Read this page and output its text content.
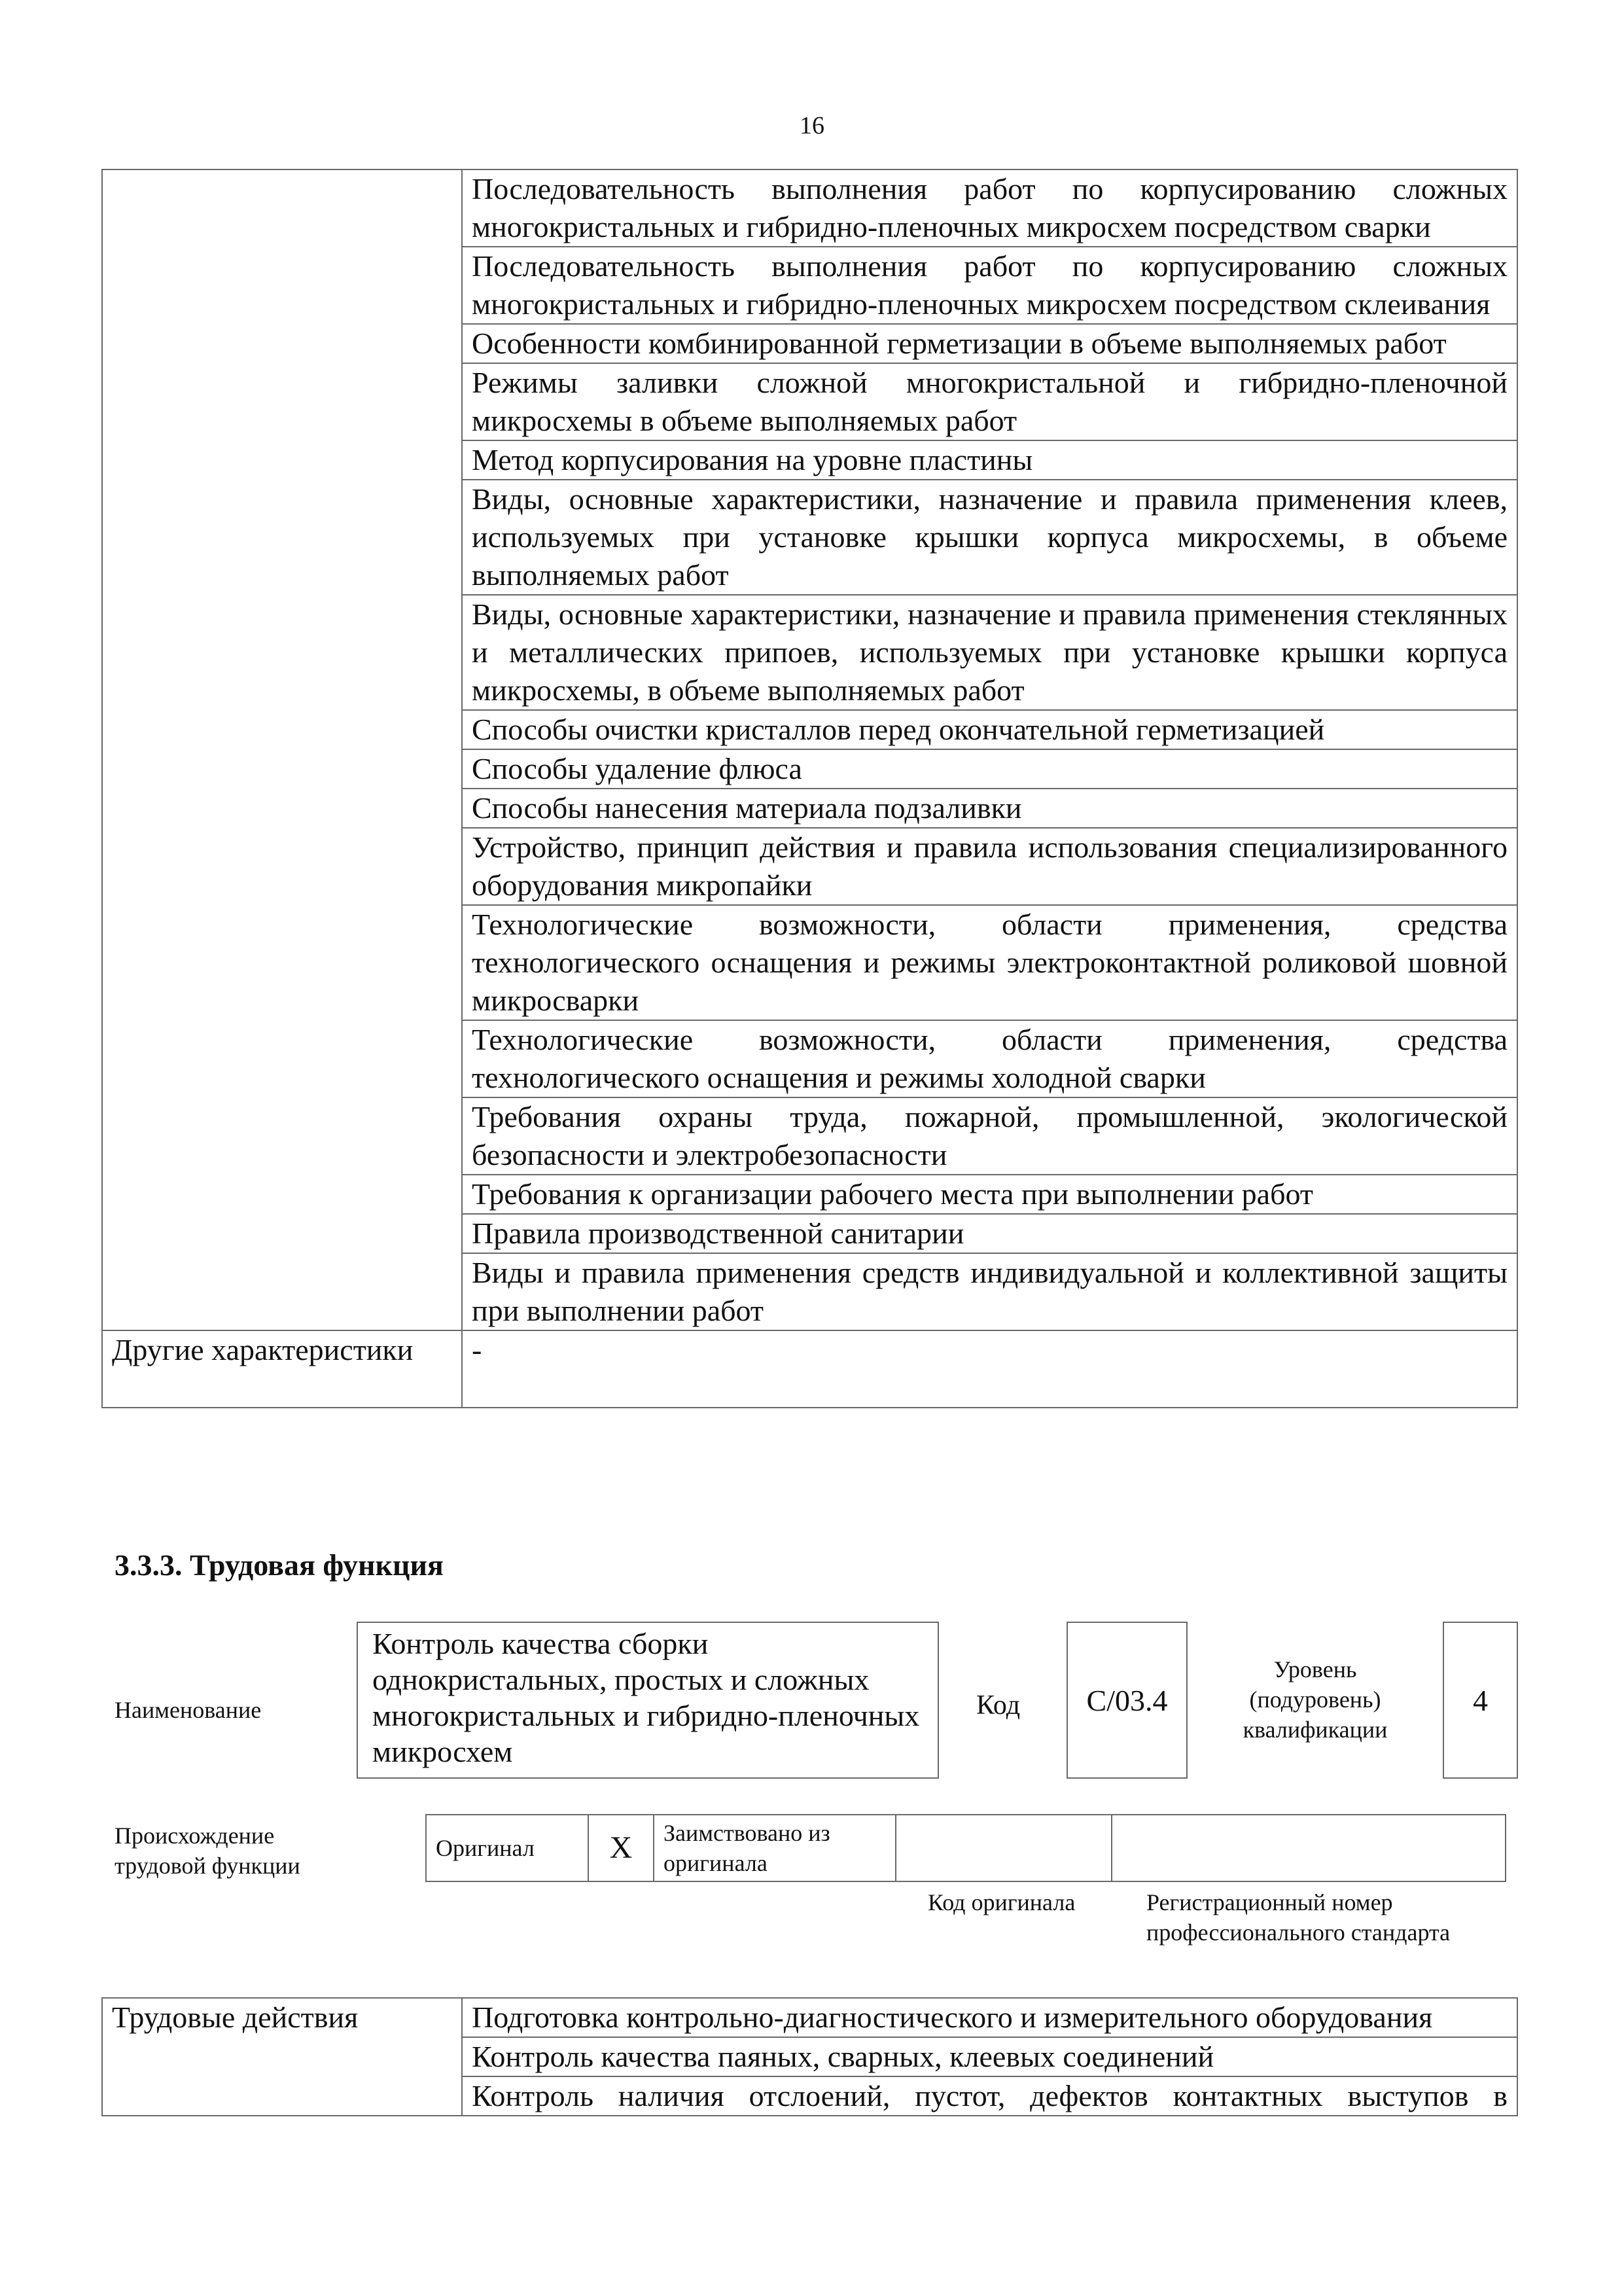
16
	Последовательность выполнения работ по корпусированию сложных многокристальных и гибридно-пленочных микросхем посредством сварки
	Последовательность выполнения работ по корпусированию сложных многокристальных и гибридно-пленочных микросхем посредством склеивания
	Особенности комбинированной герметизации в объеме выполняемых работ
	Режимы заливки сложной многокристальной и гибридно-пленочной микросхемы в объеме выполняемых работ
	Метод корпусирования на уровне пластины
	Виды, основные характеристики, назначение и правила применения клеев, используемых при установке крышки корпуса микросхемы, в объеме выполняемых работ
	Виды, основные характеристики, назначение и правила применения стеклянных и металлических припоев, используемых при установке крышки корпуса микросхемы, в объеме выполняемых работ
	Способы очистки кристаллов перед окончательной герметизацией
	Способы удаление флюса
	Способы нанесения материала подзаливки
	Устройство, принцип действия и правила использования специализированного оборудования микропайки
	Технологические возможности, области применения, средства технологического оснащения и режимы электроконтактной роликовой шовной микросварки
	Технологические возможности, области применения, средства технологического оснащения и режимы холодной сварки
	Требования охраны труда, пожарной, промышленной, экологической безопасности и электробезопасности
	Требования к организации рабочего места при выполнении работ
	Правила производственной санитарии
	Виды и правила применения средств индивидуальной и коллективной защиты при выполнении работ
Другие характеристики	-
3.3.3. Трудовая функция
Наименование
Контроль качества сборки однокристальных, простых и сложных многокристальных и гибридно-пленочных микросхем
Код	C/03.4
Уровень (подуровень) квалификации
4
Происхождение трудовой функции
Оригинал	X	Заимствовано из оригинала		
Код оригинала	Регистрационный номер профессионального стандарта
Трудовые действия	Подготовка контрольно-диагностического и измерительного оборудования
Контроль качества паяных, сварных, клеевых соединений
Контроль наличия отслоений, пустот, дефектов контактных выступов в
